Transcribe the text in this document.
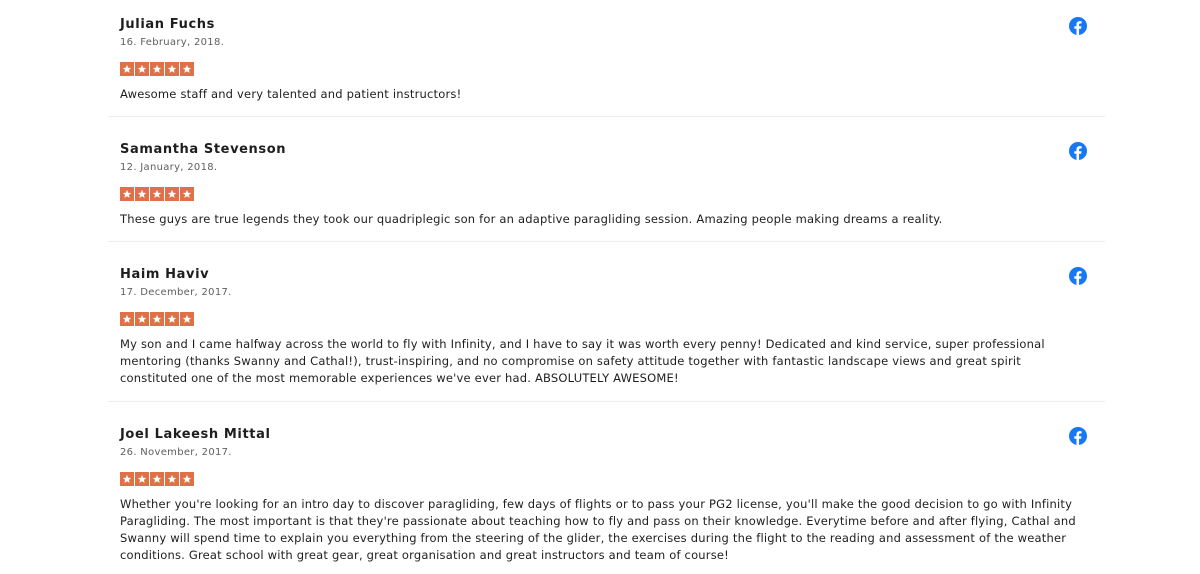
Julian Fuchs
16. February, 2018.
Awesome staff and very talented and patient instructors!
Samantha Stevenson
12. January, 2018.
These guys are true legends they took our quadriplegic son for an adaptive paragliding session. Amazing people making dreams a reality.
Haim Haviv
17. December, 2017.
My son and I came halfway across the world to fly with Infinity, and I have to say it was worth every penny! Dedicated and kind service, super professional mentoring (thanks Swanny and Cathal!), trust-inspiring, and no compromise on safety attitude together with fantastic landscape views and great spirit constituted one of the most memorable experiences we've ever had. ABSOLUTELY AWESOME!
Joel Lakeesh Mittal
26. November, 2017.
Whether you're looking for an intro day to discover paragliding, few days of flights or to pass your PG2 license, you'll make the good decision to go with Infinity Paragliding. The most important is that they're passionate about teaching how to fly and pass on their knowledge. Everytime before and after flying, Cathal and Swanny will spend time to explain you everything from the steering of the glider, the exercises during the flight to the reading and assessment of the weather conditions. Great school with great gear, great organisation and great instructors and team of course!
